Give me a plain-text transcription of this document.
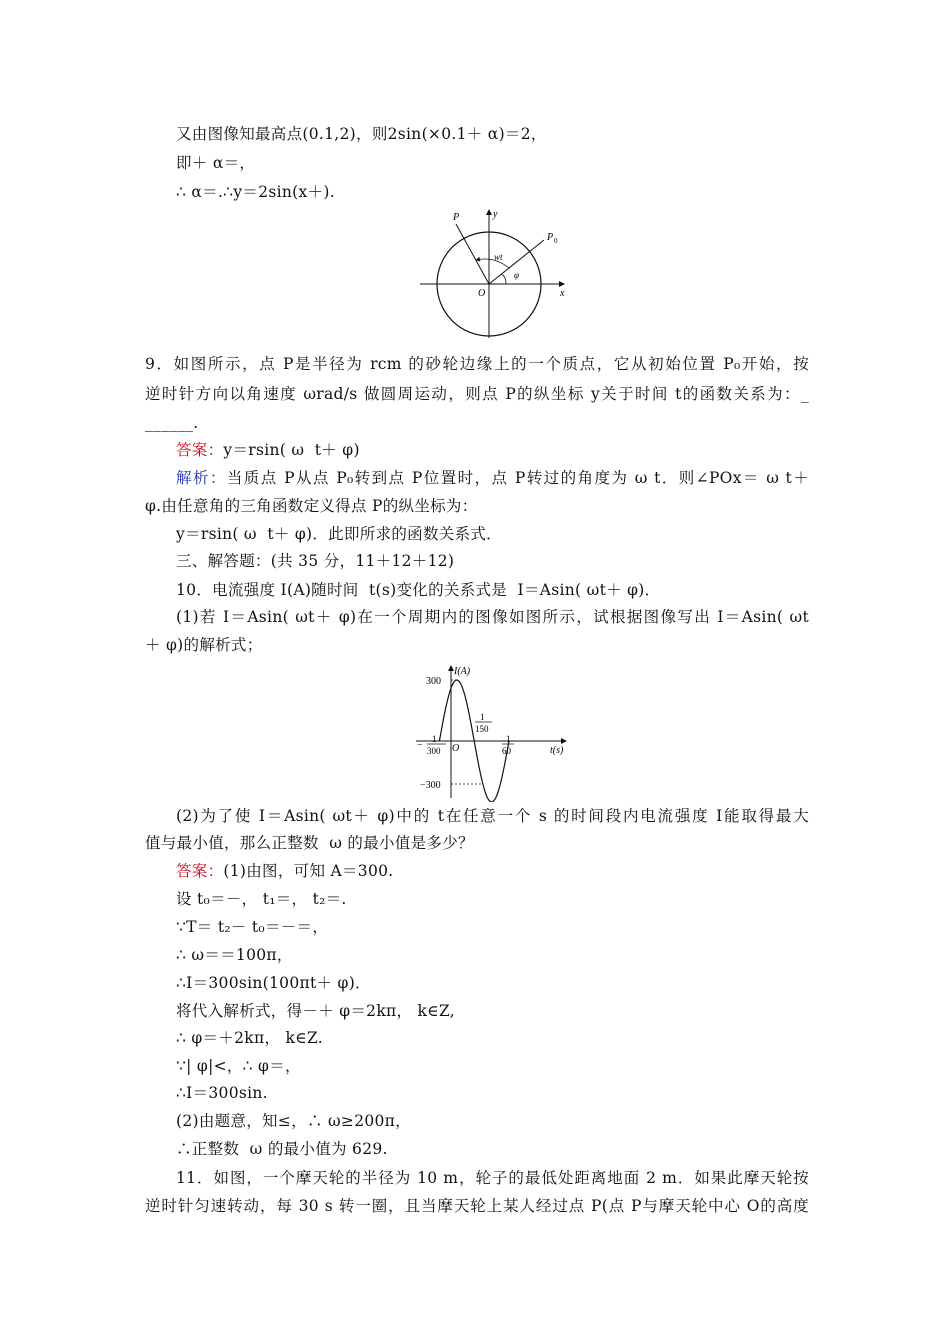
又由图像知最高点(0.1,2)，则2sin(×0.1＋ α)＝2，
即＋ α＝，
∴ α＝.∴y＝2sin(x＋).
y
x
O
P
P 0
wt
φ
9．如图所示，点 P是半径为 rcm 的砂轮边缘上的一个质点，它从初始位置 P₀开始，按
逆时针方向以角速度 ωrad/s 做圆周运动，则点 P的纵坐标 y关于时间 t的函数关系为：_
______.
答案：y＝rsin( ω  t＋ φ)
解析：当质点 P从点 P₀转到点 P位置时，点 P转过的角度为 ω t．则∠POx＝ ω t＋
φ.由任意角的三角函数定义得点 P的纵坐标为：
y＝rsin( ω  t＋ φ)．此即所求的函数关系式．
三、解答题：(共 35 分，11＋12＋12)
10．电流强度 I(A)随时间  t(s)变化的关系式是  I＝Asin( ωt＋ φ)．
(1)若 I＝Asin( ωt＋ φ)在一个周期内的图像如图所示，试根据图像写出 I＝Asin( ωt
＋ φ)的解析式；
I(A)
t(s)
O
300
−300
−
1
300
1
150
1
60
(2)为了使 I＝Asin( ωt＋ φ)中的 t在任意一个 s 的时间段内电流强度 I能取得最大
值与最小值，那么正整数  ω 的最小值是多少？
答案：(1)由图，可知 A＝300.
设 t₀＝－， t₁＝， t₂＝.
∵T＝ t₂－ t₀＝－＝，
∴ ω＝＝100π，
∴I＝300sin(100πt＋ φ)．
将代入解析式，得－＋ φ＝2kπ， k∈Z,
∴ φ＝＋2kπ， k∈Z.
∵| φ|<，∴ φ＝，
∴I＝300sin.
(2)由题意，知≤，∴ ω≥200π，
∴正整数  ω 的最小值为 629.
11．如图，一个摩天轮的半径为 10 m，轮子的最低处距离地面 2 m．如果此摩天轮按
逆时针匀速转动，每 30 s 转一圈，且当摩天轮上某人经过点 P(点 P与摩天轮中心 O的高度
